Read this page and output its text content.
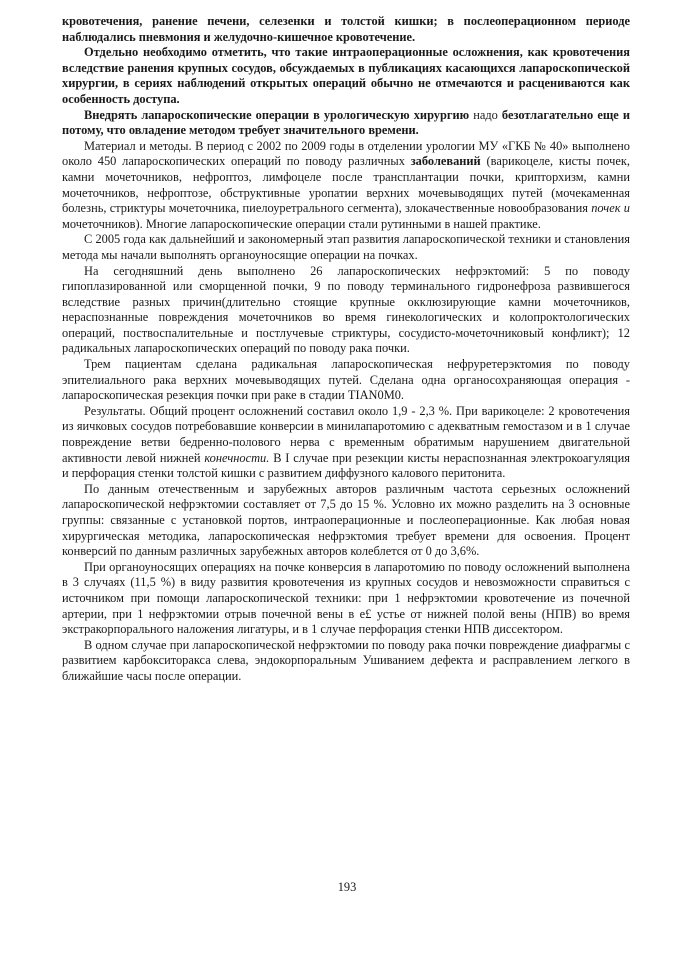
кровотечения, ранение печени, селезенки и толстой кишки; в послеоперационном периоде наблюдались пневмония и желудочно-кишечное кровотечение.

Отдельно необходимо отметить, что такие интраоперационные осложнения, как кровотечения вследствие ранения крупных сосудов, обсуждаемых в публикациях касающихся лапароскопической хирургии, в сериях наблюдений открытых операций обычно не отмечаются и расцениваются как особенность доступа.

Внедрять лапароскопические операции в урологическую хирургию надо безотлагательно еще и потому, что овладение методом требует значительного времени.

Материал и методы. В период с 2002 по 2009 годы в отделении урологии МУ «ГКБ № 40» выполнено около 450 лапароскопических операций по поводу различных заболеваний (варикоцеле, кисты почек, камни мочеточников, нефроптоз, лимфоцеле после трансплантации почки, крипторхизм, камни мочеточников, нефроптозе, обструктивные уропатии верхних мочевыводящих путей (мочекаменная болезнь, стриктуры мочеточника, пиелоуретрального сегмента), злокачественные новообразования почек и мочеточников). Многие лапароскопические операции стали рутинными в нашей практике.

С 2005 года как дальнейший и закономерный этап развития лапароскопической техники и становления метода мы начали выполнять органоуносящие операции на почках.

На сегодняшний день выполнено 26 лапароскопических нефрэктомий: 5 по поводу гипоплазированной или сморщенной почки, 9 по поводу терминального гидронефроза развившегося вследствие разных причин(длительно стоящие крупные окклюзирующие камни мочеточников, нераспознанные повреждения мочеточников во время гинекологических и колопроктологических операций, поствоспалительные и постлучевые стриктуры, сосудисто-мочеточниковый конфликт); 12 радикальных лапароскопических операций по поводу рака почки.

Трем пациентам сделана радикальная лапароскопическая нефруретерэктомия по поводу эпителиального рака верхних мочевыводящих путей. Сделана одна органосохраняющая операция - лапароскопическая резекция почки при раке в стадии TIAN0M0.

Результаты. Общий процент осложнений составил около 1,9 - 2,3 %. При варикоцеле: 2 кровотечения из яичковых сосудов потребовавшие конверсии в минилапаротомию с адекватным гемостазом и в 1 случае повреждение ветви бедренно-полового нерва с временным обратимым нарушением двигательной активности левой нижней конечности. В I случае при резекции кисты нераспознанная электрокоагуляция и перфорация стенки толстой кишки с развитием диффузного калового перитонита.

По данным отечественным и зарубежных авторов различным частота серьезных осложнений лапароскопической нефрэктомии составляет от 7,5 до 15 %. Условно их можно разделить на 3 основные группы: связанные с установкой портов, интраоперационные и послеоперационные. Как любая новая хирургическая методика, лапароскопическая нефрэктомия требует времени для освоения. Процент конверсий по данным различных зарубежных авторов колеблется от 0 до 3,6%.

При органоуносящих операциях на почке конверсия в лапаротомию по поводу осложнений выполнена в 3 случаях (11,5 %) в виду развития кровотечения из крупных сосудов и невозможности справиться с источником при помощи лапароскопической техники: при 1 нефрэктомии кровотечение из почечной артерии, при 1 нефрэктомии отрыв почечной вены в е£ устье от нижней полой вены (НПВ) во время экстракорпорального наложения лигатуры, и в 1 случае перфорация стенки НПВ диссектором.

В одном случае при лапароскопической нефрэктомии по поводу рака почки повреждение диафрагмы с развитием карбокситоракса слева, эндокорпоральным Ушиванием дефекта и расправлением легкого в ближайшие часы после операции.

193
